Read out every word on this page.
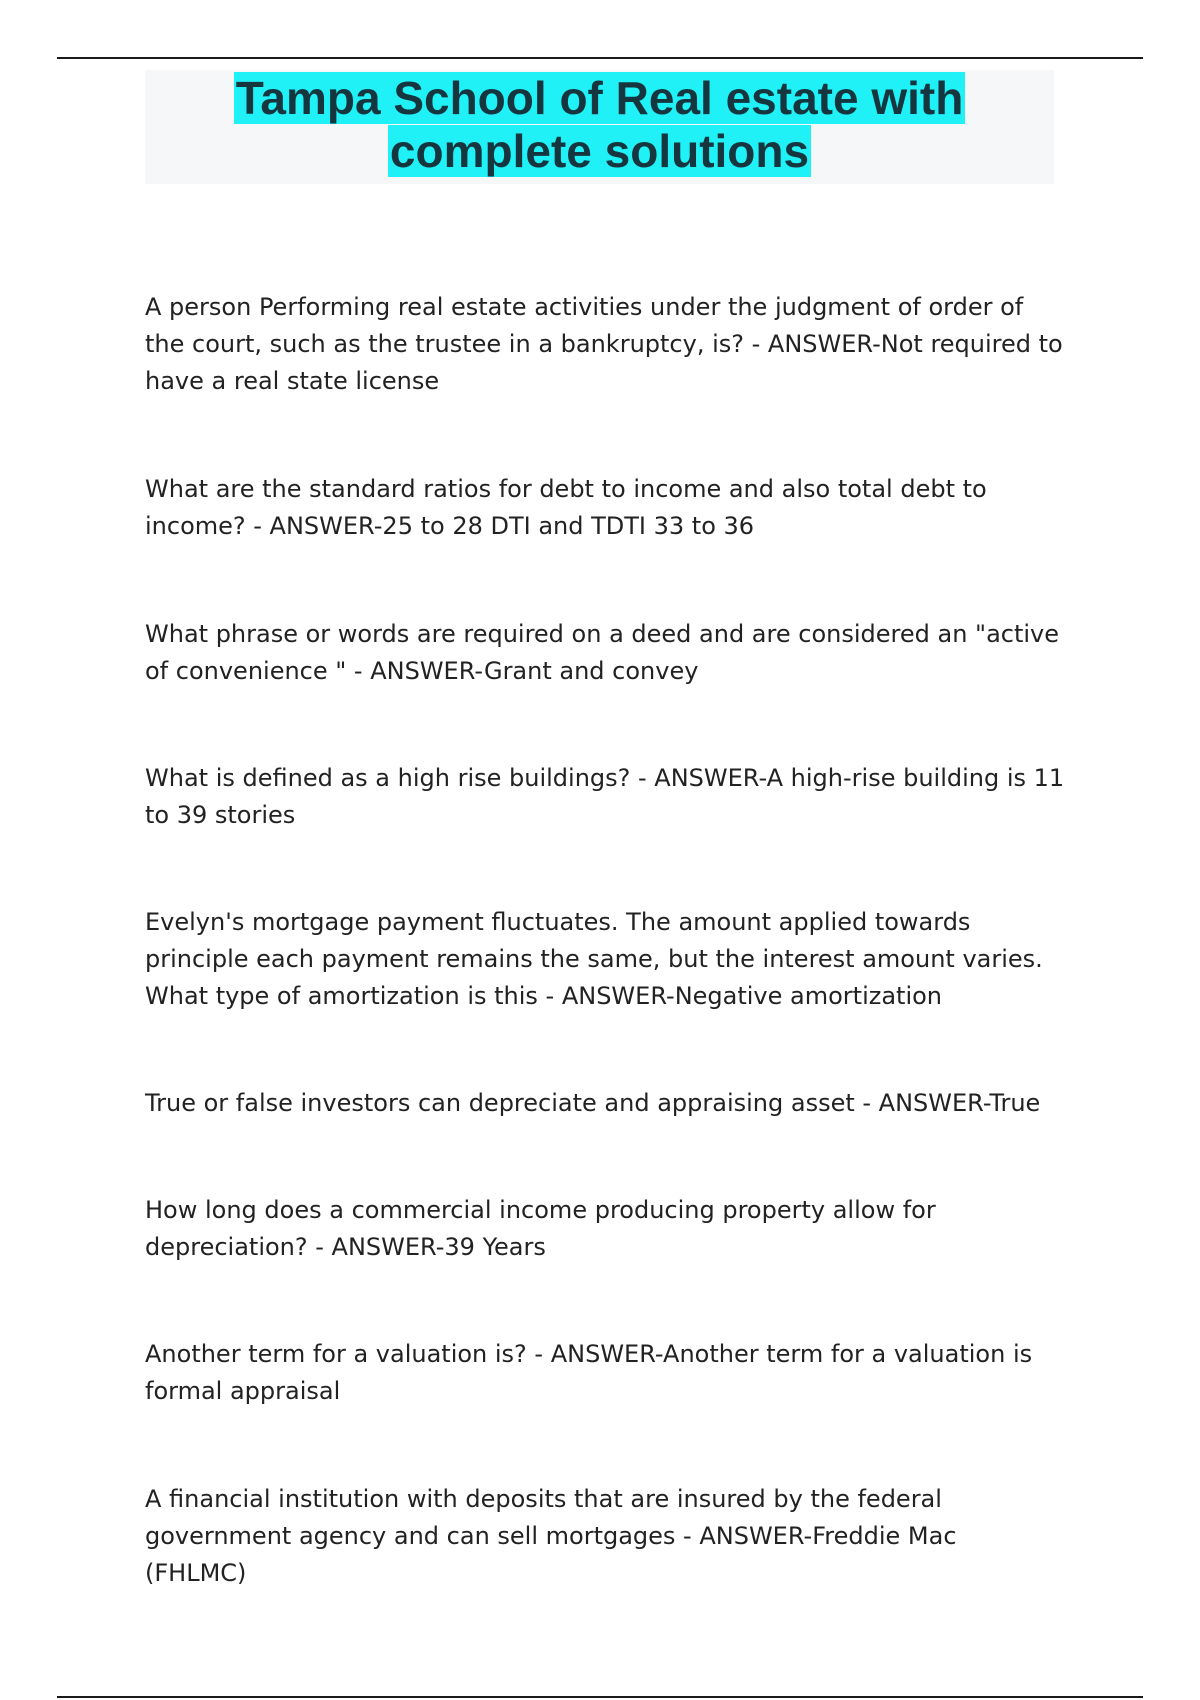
Tampa School of Real estate with
complete solutions

A person Performing real estate activities under the judgment of order of the court, such as the trustee in a bankruptcy, is? - ANSWER-Not required to have a real state license

What are the standard ratios for debt to income and also total debt to income? - ANSWER-25 to 28 DTI and TDTI 33 to 36

What phrase or words are required on a deed and are considered an "active of convenience " - ANSWER-Grant and convey

What is defined as a high rise buildings? - ANSWER-A high-rise building is 11 to 39 stories

Evelyn's mortgage payment fluctuates. The amount applied towards principle each payment remains the same, but the interest amount varies. What type of amortization is this - ANSWER-Negative amortization

True or false investors can depreciate and appraising asset - ANSWER-True

How long does a commercial income producing property allow for depreciation? - ANSWER-39 Years

Another term for a valuation is? - ANSWER-Another term for a valuation is formal appraisal

A financial institution with deposits that are insured by the federal government agency and can sell mortgages - ANSWER-Freddie Mac (FHLMC)
